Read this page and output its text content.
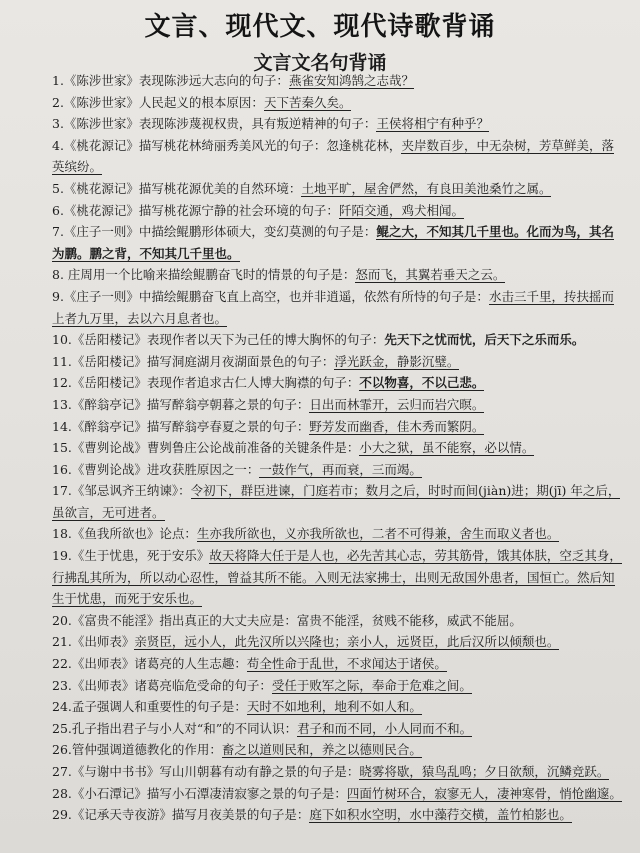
文言、现代文、现代诗歌背诵
文言文名句背诵

1.《陈涉世家》表现陈涉远大志向的句子：燕雀安知鸿鹄之志哉？

2.《陈涉世家》人民起义的根本原因：天下苦秦久矣。

3.《陈涉世家》表现陈涉蔑视权贵，具有叛逆精神的句子：王侯将相宁有种乎？

4.《桃花源记》描写桃花林绮丽秀美风光的句子：忽逢桃花林，夹岸数百步，中无杂树，芳草鲜美，落英缤纷。

5.《桃花源记》描写桃花源优美的自然环境：土地平旷，屋舍俨然，有良田美池桑竹之属。

6.《桃花源记》描写桃花源宁静的社会环境的句子：阡陌交通，鸡犬相闻。

7.《庄子一则》中描绘鲲鹏形体硕大，变幻莫测的句子是：鲲之大，不知其几千里也。化而为鸟，其名为鹏。鹏之背，不知其几千里也。

8. 庄周用一个比喻来描绘鲲鹏奋飞时的情景的句子是：怒而飞，其翼若垂天之云。

9.《庄子一则》中描绘鲲鹏奋飞直上高空，也并非逍遥，依然有所恃的句子是：水击三千里，抟扶摇而上者九万里，去以六月息者也。

10.《岳阳楼记》表现作者以天下为己任的博大胸怀的句子：先天下之忧而忧，后天下之乐而乐。

11.《岳阳楼记》描写洞庭湖月夜湖面景色的句子：浮光跃金，静影沉璧。

12.《岳阳楼记》表现作者追求古仁人博大胸襟的句子：不以物喜，不以己悲。

13.《醉翁亭记》描写醉翁亭朝暮之景的句子：日出而林霏开，云归而岩穴暝。

14.《醉翁亭记》描写醉翁亭春夏之景的句子：野芳发而幽香，佳木秀而繁阴。

15.《曹刿论战》曹刿鲁庄公论战前准备的关键条件是：小大之狱，虽不能察，必以情。

16.《曹刿论战》进攻获胜原因之一：一鼓作气，再而衰，三而竭。

17.《邹忌讽齐王纳谏》：令初下，群臣进谏，门庭若市；数月之后，时时而间(jiàn)进；期(jī) 年之后，虽欲言，无可进者。

18.《鱼我所欲也》论点：生亦我所欲也，义亦我所欲也，二者不可得兼，舍生而取义者也。

19.《生于忧患，死于安乐》故天将降大任于是人也，必先苦其心志，劳其筋骨，饿其体肤，空乏其身，行拂乱其所为，所以动心忍性，曾益其所不能。入则无法家拂士，出则无敌国外患者，国恒亡。然后知生于忧患，而死于安乐也。

20.《富贵不能淫》指出真正的大丈夫应是：富贵不能淫，贫贱不能移，威武不能屈。

21.《出师表》亲贤臣，远小人，此先汉所以兴隆也；亲小人，远贤臣，此后汉所以倾颓也。

22.《出师表》诸葛亮的人生志趣：苟全性命于乱世，不求闻达于诸侯。

23.《出师表》诸葛亮临危受命的句子：受任于败军之际，奉命于危难之间。

24.孟子强调人和重要性的句子是：天时不如地利，地利不如人和。

25.孔子指出君子与小人对“和”的不同认识：君子和而不同，小人同而不和。

26.管仲强调道德教化的作用：畜之以道则民和，养之以德则民合。

27.《与谢中书书》写山川朝暮有动有静之景的句子是：晓雾将歇，猿鸟乱鸣；夕日欲颓，沉鳞竞跃。

28.《小石潭记》描写小石潭凄清寂寥之景的句子是：四面竹树环合，寂寥无人，凄神寒骨，悄怆幽邃。

29.《记承天寺夜游》描写月夜美景的句子是：庭下如积水空明，水中藻荇交横，盖竹柏影也。
